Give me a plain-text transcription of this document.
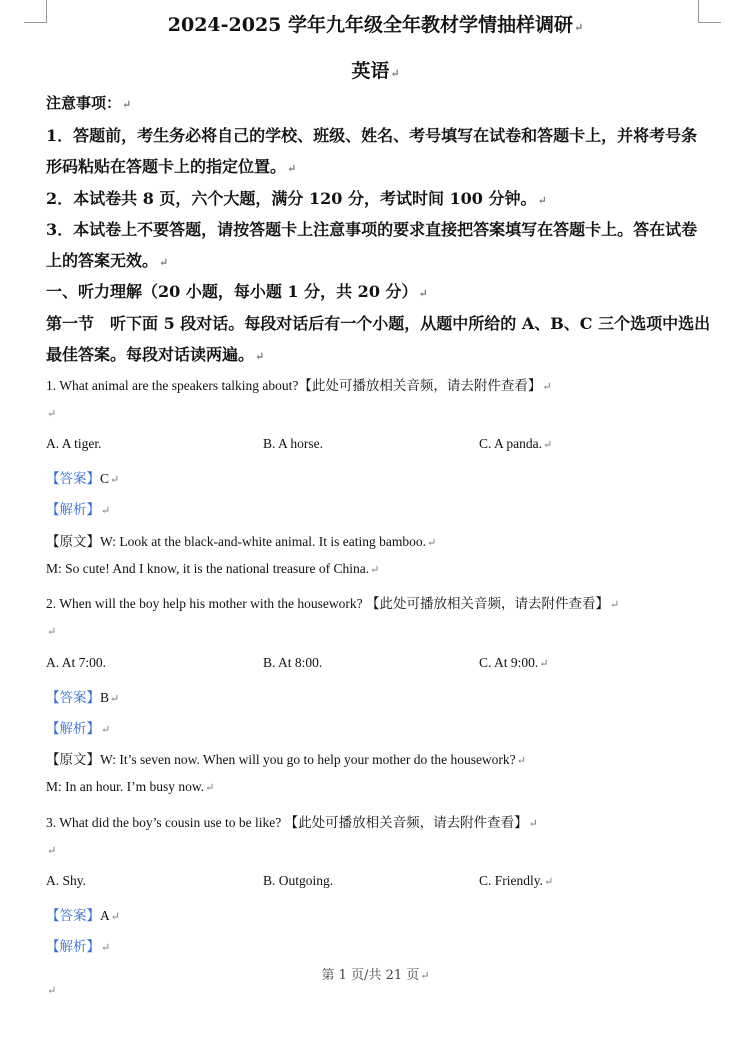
2024-2025 学年九年级全年教材学情抽样调研↵
英语↵
注意事项：↵
1．答题前，考生务必将自己的学校、班级、姓名、考号填写在试卷和答题卡上，并将考号条
形码粘贴在答题卡上的指定位置。↵
2．本试卷共 8 页，六个大题，满分 120 分，考试时间 100 分钟。↵
3．本试卷上不要答题，请按答题卡上注意事项的要求直接把答案填写在答题卡上。答在试卷
上的答案无效。↵
一、听力理解（20 小题，每小题 1 分，共 20 分）↵
第一节　听下面 5 段对话。每段对话后有一个小题，从题中所给的 A、B、C 三个选项中选出
最佳答案。每段对话读两遍。↵
1. What animal are the speakers talking about?【此处可播放相关音频，请去附件查看】↵
↵
A. A tiger.	B. A horse.	C. A panda.↵
【答案】C↵
【解析】↵
【原文】W: Look at the black-and-white animal. It is eating bamboo.↵
M: So cute! And I know, it is the national treasure of China.↵
2. When will the boy help his mother with the housework? 【此处可播放相关音频，请去附件查看】↵
↵
A. At 7:00.	B. At 8:00.	C. At 9:00.↵
【答案】B↵
【解析】↵
【原文】W: It’s seven now. When will you go to help your mother do the housework?↵
M: In an hour. I’m busy now.↵
3. What did the boy’s cousin use to be like? 【此处可播放相关音频，请去附件查看】↵
↵
A. Shy.	B. Outgoing.	C. Friendly.↵
【答案】A↵
【解析】↵
第 1 页/共 21 页↵
↵
